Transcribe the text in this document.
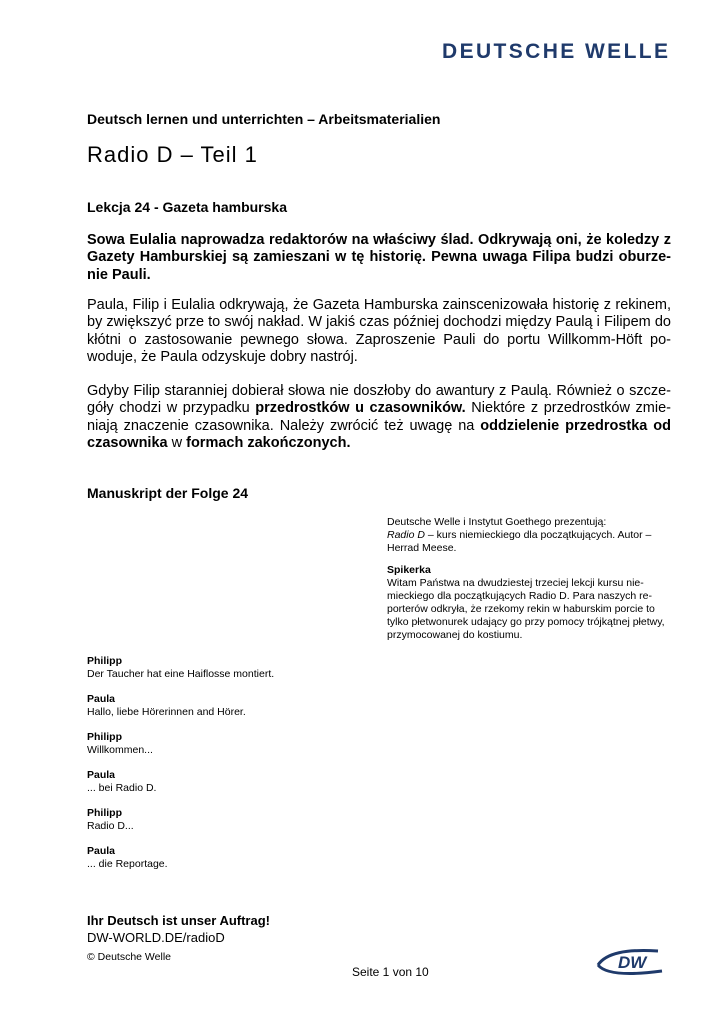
DEUTSCHE WELLE
Deutsch lernen und unterrichten – Arbeitsmaterialien
Radio D – Teil 1
Lekcja 24 - Gazeta hamburska
Sowa Eulalia naprowadza redaktorów na właściwy ślad. Odkrywają oni, że koledzy z Gazety Hamburskiej są zamieszani w tę historię. Pewna uwaga Filipa budzi oburzenie Pauli.
Paula, Filip i Eulalia odkrywają, że Gazeta Hamburska zainscenizowała historię z rekinem, by zwiększyć prze to swój nakład. W jakiś czas później dochodzi między Paulą i Filipem do kłótni o zastosowanie pewnego słowa. Zaproszenie Pauli do portu Willkomm-Höft powoduje, że Paula odzyskuje dobry nastrój.
Gdyby Filip staranniej dobierał słowa nie doszłoby do awantury z Paulą. Również o szczegóły chodzi w przypadku przedrostków u czasowników. Niektóre z przedrostków zmieniają znaczenie czasownika. Należy zwrócić też uwagę na oddzielenie przedrostka od czasownika w formach zakończonych.
Manuskript der Folge 24
Deutsche Welle i Instytut Goethego prezentują:
Radio D – kurs niemieckiego dla początkujących. Autor – Herrad Meese.
Spikerka
Witam Państwa na dwudziestej trzeciej lekcji kursu niemieckiego dla początkujących Radio D. Para naszych reporterów odkryła, że rzekomy rekin w haburskim porcie to tylko płetwonurek udający go przy pomocy trójkątnej płetwy, przymocowanej do kostiumu.
Philipp
Der Taucher hat eine Haiflosse montiert.
Paula
Hallo, liebe Hörerinnen and Hörer.
Philipp
Willkommen...
Paula
... bei Radio D.
Philipp
Radio D...
Paula
... die Reportage.
Ihr Deutsch ist unser Auftrag!
DW-WORLD.DE/radioD
© Deutsche Welle
Seite 1 von 10	DW
